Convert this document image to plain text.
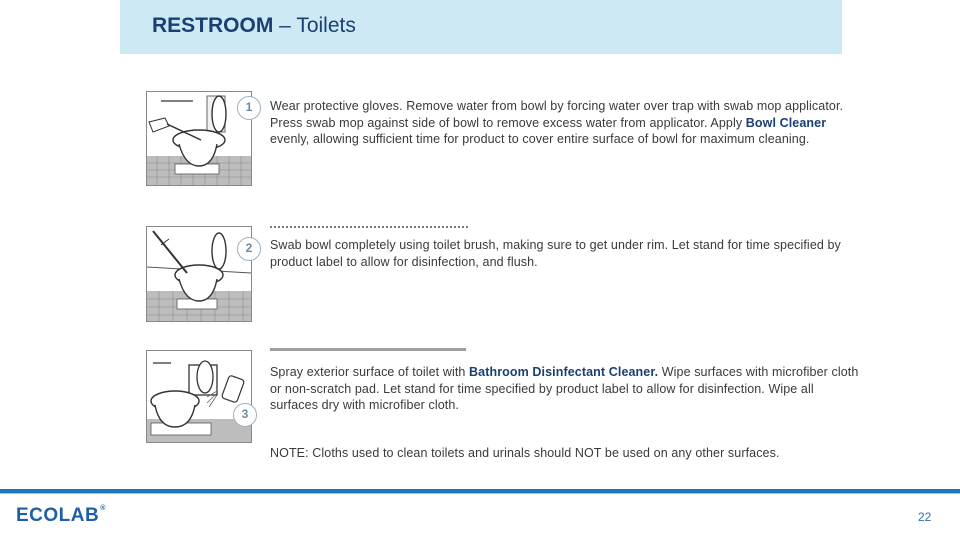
RESTROOM – Toilets
1
2
3
Wear protective gloves. Remove water from bowl by forcing water over trap with swab mop applicator. Press swab mop against side of bowl to remove excess water from applicator. Apply Bowl Cleaner evenly, allowing sufficient time for product to cover entire surface of bowl for maximum cleaning.
Swab bowl completely using toilet brush, making sure to get under rim. Let stand for time specified by product label to allow for disinfection, and flush.
Spray exterior surface of toilet with Bathroom Disinfectant Cleaner. Wipe surfaces with microfiber cloth or non-scratch pad. Let stand for time specified by product label to allow for disinfection. Wipe all surfaces dry with microfiber cloth.
NOTE: Cloths used to clean toilets and urinals should NOT be used on any other surfaces.
ECOLAB®
22
